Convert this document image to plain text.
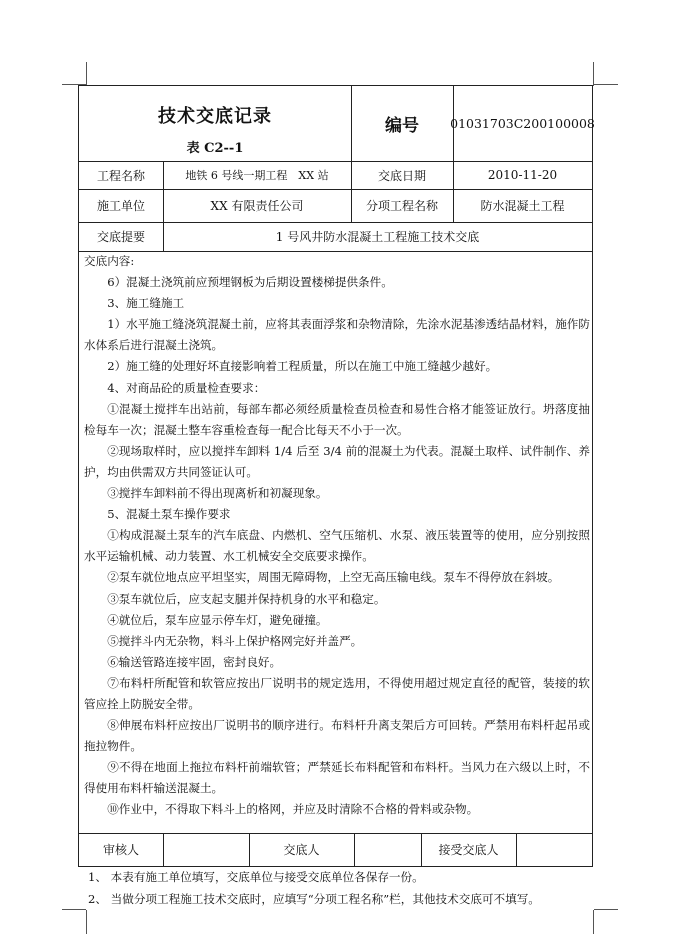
技术交底记录
表 C2--1
编号	01031703C200100008
工程名称	地铁 6 号线一期工程　XX 站	交底日期	2010-11-20
施工单位	XX 有限责任公司	分项工程名称	防水混凝土工程
交底提要	1 号风井防水混凝土工程施工技术交底
审核人	交底人	接受交底人

交底内容:

6）混凝土浇筑前应预埋钢板为后期设置楼梯提供条件。

3、施工缝施工

1）水平施工缝浇筑混凝土前，应将其表面浮浆和杂物清除，先涂水泥基渗透结晶材料，施作防水体系后进行混凝土浇筑。

2）施工缝的处理好坏直接影响着工程质量，所以在施工中施工缝越少越好。

4、对商品砼的质量检查要求：

①混凝土搅拌车出站前，每部车都必须经质量检查员检查和易性合格才能签证放行。坍落度抽检每车一次；混凝土整车容重检查每一配合比每天不小于一次。

②现场取样时，应以搅拌车卸料 1/4 后至 3/4 前的混凝土为代表。混凝土取样、试件制作、养护，均由供需双方共同签证认可。

③搅拌车卸料前不得出现离析和初凝现象。

5、混凝土泵车操作要求

①构成混凝土泵车的汽车底盘、内燃机、空气压缩机、水泵、液压装置等的使用，应分别按照水平运输机械、动力装置、水工机械安全交底要求操作。

②泵车就位地点应平坦坚实，周围无障碍物，上空无高压输电线。泵车不得停放在斜坡。

③泵车就位后，应支起支腿并保持机身的水平和稳定。

④就位后，泵车应显示停车灯，避免碰撞。

⑤搅拌斗内无杂物，料斗上保护格网完好并盖严。

⑥输送管路连接牢固，密封良好。

⑦布料杆所配管和软管应按出厂说明书的规定选用，不得使用超过规定直径的配管，装接的软管应拴上防脱安全带。

⑧伸展布料杆应按出厂说明书的顺序进行。布料杆升离支架后方可回转。严禁用布料杆起吊或拖拉物件。

⑨不得在地面上拖拉布料杆前端软管；严禁延长布料配管和布料杆。当风力在六级以上时，不得使用布料杆输送混凝土。

⑩作业中，不得取下料斗上的格网，并应及时清除不合格的骨料或杂物。

1、 本表有施工单位填写，交底单位与接受交底单位各保存一份。

2、 当做分项工程施工技术交底时，应填写“分项工程名称”栏，其他技术交底可不填写。
